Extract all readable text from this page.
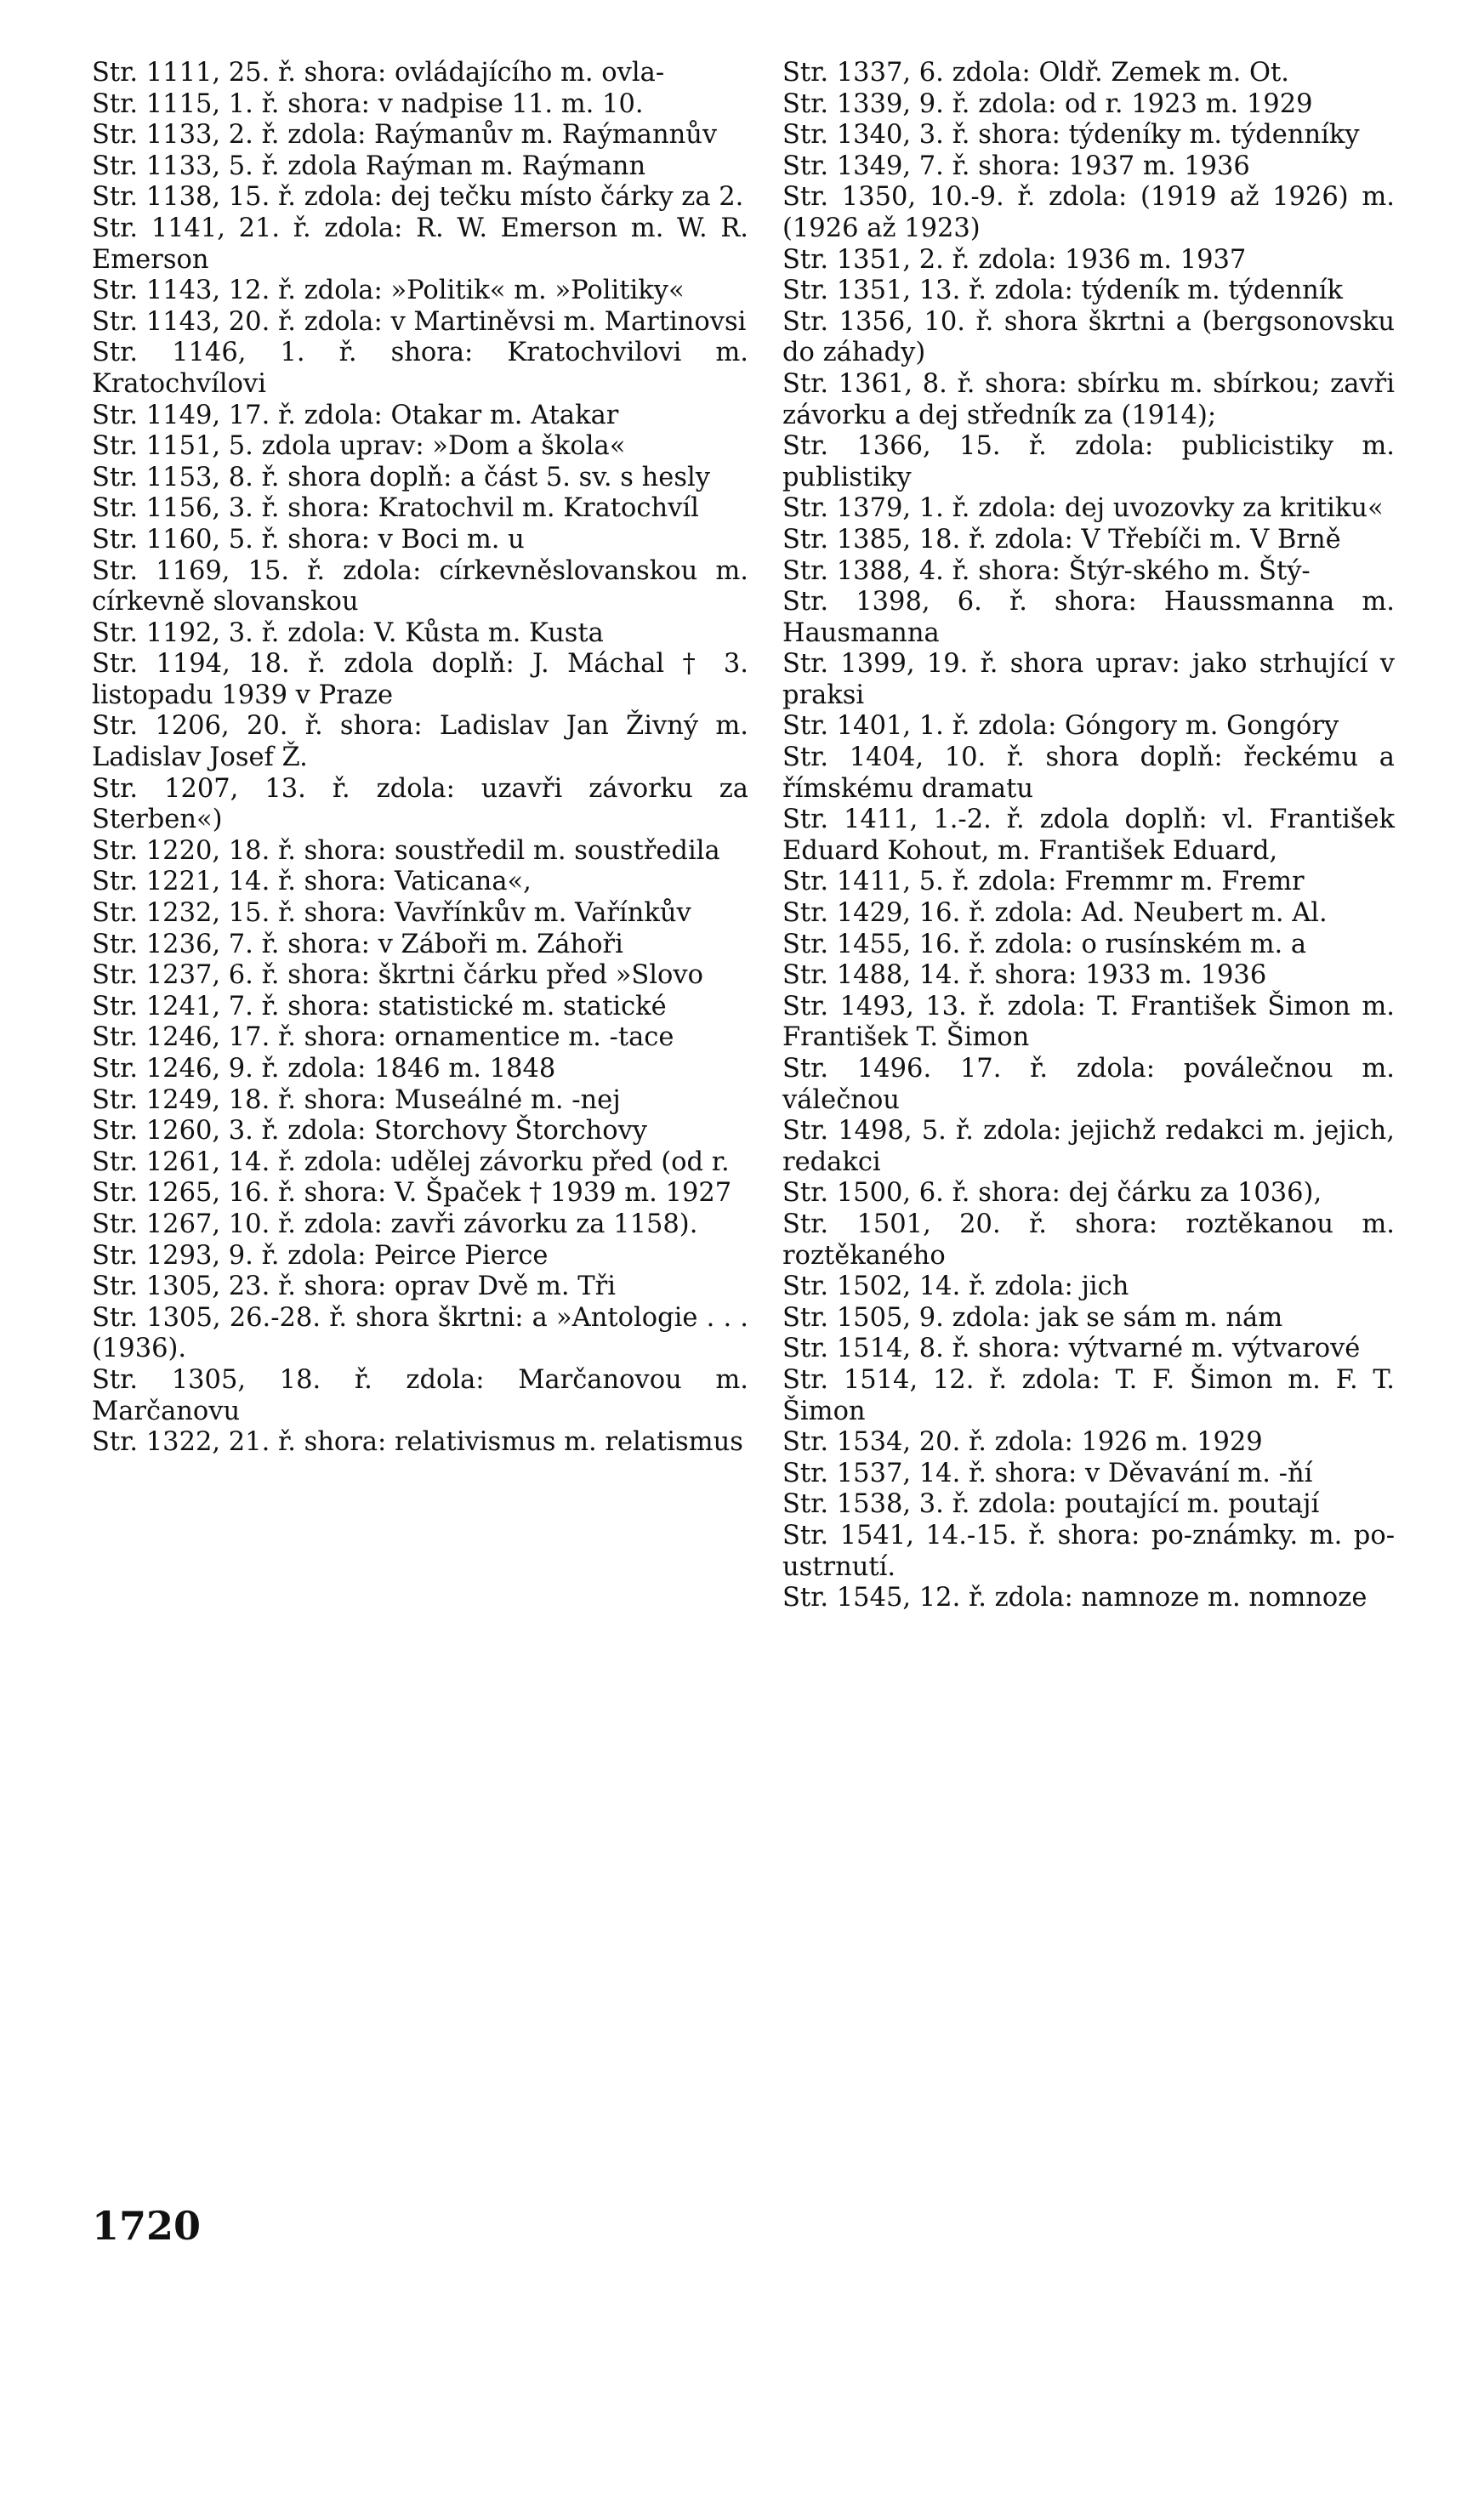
Str. 1111, 25. ř. shora: ovládajícího m. ovla-
Str. 1115, 1. ř. shora: v nadpise 11. m. 10.
Str. 1133, 2. ř. zdola: Raýmanův m. Raýmannův
Str. 1133, 5. ř. zdola Raýman m. Raýmann
Str. 1138, 15. ř. zdola: dej tečku místo čárky za 2.
Str. 1141, 21. ř. zdola: R. W. Emerson m. W. R. Emerson
Str. 1143, 12. ř. zdola: »Politik« m. »Politiky«
Str. 1143, 20. ř. zdola: v Martiněvsi m. Martinovsi
Str. 1146, 1. ř. shora: Kratochvilovi m. Kratochvílovi
Str. 1149, 17. ř. zdola: Otakar m. Atakar
Str. 1151, 5. zdola uprav: »Dom a škola«
Str. 1153, 8. ř. shora doplň: a část 5. sv. s hesly
Str. 1156, 3. ř. shora: Kratochvil m. Kratochvíl
Str. 1160, 5. ř. shora: v Boci m. u
Str. 1169, 15. ř. zdola: církevněslovanskou m. církevně slovanskou
Str. 1192, 3. ř. zdola: V. Kůsta m. Kusta
Str. 1194, 18. ř. zdola doplň: J. Máchal † 3. listopadu 1939 v Praze
Str. 1206, 20. ř. shora: Ladislav Jan Živný m. Ladislav Josef Ž.
Str. 1207, 13. ř. zdola: uzavři závorku za Sterben«)
Str. 1220, 18. ř. shora: soustředil m. soustředila
Str. 1221, 14. ř. shora: Vaticana«,
Str. 1232, 15. ř. shora: Vavřínkův m. Vařínkův
Str. 1236, 7. ř. shora: v Záboři m. Záhoři
Str. 1237, 6. ř. shora: škrtni čárku před »Slovo
Str. 1241, 7. ř. shora: statistické m. statické
Str. 1246, 17. ř. shora: ornamentice m. -tace
Str. 1246, 9. ř. zdola: 1846 m. 1848
Str. 1249, 18. ř. shora: Museálné m. -nej
Str. 1260, 3. ř. zdola: Storchovy Štorchovy
Str. 1261, 14. ř. zdola: udělej závorku před (od r.
Str. 1265, 16. ř. shora: V. Špaček † 1939 m. 1927
Str. 1267, 10. ř. zdola: zavři závorku za 1158).
Str. 1293, 9. ř. zdola: Peirce Pierce
Str. 1305, 23. ř. shora: oprav Dvě m. Tři
Str. 1305, 26.-28. ř. shora škrtni: a »Antologie . . . (1936).
Str. 1305, 18. ř. zdola: Marčanovou m. Marčanovu
Str. 1322, 21. ř. shora: relativismus m. relatismus
Str. 1337, 6. zdola: Oldř. Zemek m. Ot.
Str. 1339, 9. ř. zdola: od r. 1923 m. 1929
Str. 1340, 3. ř. shora: týdeníky m. týdenníky
Str. 1349, 7. ř. shora: 1937 m. 1936
Str. 1350, 10.-9. ř. zdola: (1919 až 1926) m. (1926 až 1923)
Str. 1351, 2. ř. zdola: 1936 m. 1937
Str. 1351, 13. ř. zdola: týdeník m. týdenník
Str. 1356, 10. ř. shora škrtni a (bergsonovsku do záhady)
Str. 1361, 8. ř. shora: sbírku m. sbírkou; zavři závorku a dej středník za (1914);
Str. 1366, 15. ř. zdola: publicistiky m. publistiky
Str. 1379, 1. ř. zdola: dej uvozovky za kritiku«
Str. 1385, 18. ř. zdola: V Třebíči m. V Brně
Str. 1388, 4. ř. shora: Štýr-ského m. Štý-
Str. 1398, 6. ř. shora: Haussmanna m. Hausmanna
Str. 1399, 19. ř. shora uprav: jako strhující v praksi
Str. 1401, 1. ř. zdola: Góngory m. Gongóry
Str. 1404, 10. ř. shora doplň: řeckému a římskému dramatu
Str. 1411, 1.-2. ř. zdola doplň: vl. František Eduard Kohout, m. František Eduard,
Str. 1411, 5. ř. zdola: Fremmr m. Fremr
Str. 1429, 16. ř. zdola: Ad. Neubert m. Al.
Str. 1455, 16. ř. zdola: o rusínském m. a
Str. 1488, 14. ř. shora: 1933 m. 1936
Str. 1493, 13. ř. zdola: T. František Šimon m. František T. Šimon
Str. 1496. 17. ř. zdola: poválečnou m. válečnou
Str. 1498, 5. ř. zdola: jejichž redakci m. jejich, redakci
Str. 1500, 6. ř. shora: dej čárku za 1036),
Str. 1501, 20. ř. shora: roztěkanou m. roztěkaného
Str. 1502, 14. ř. zdola: jich
Str. 1505, 9. zdola: jak se sám m. nám
Str. 1514, 8. ř. shora: výtvarné m. výtvarové
Str. 1514, 12. ř. zdola: T. F. Šimon m. F. T. Šimon
Str. 1534, 20. ř. zdola: 1926 m. 1929
Str. 1537, 14. ř. shora: v Děvavání m. -ňí
Str. 1538, 3. ř. zdola: poutající m. poutají
Str. 1541, 14.-15. ř. shora: po-známky. m. po-ustrnutí.
Str. 1545, 12. ř. zdola: namnoze m. nomnoze
1720
